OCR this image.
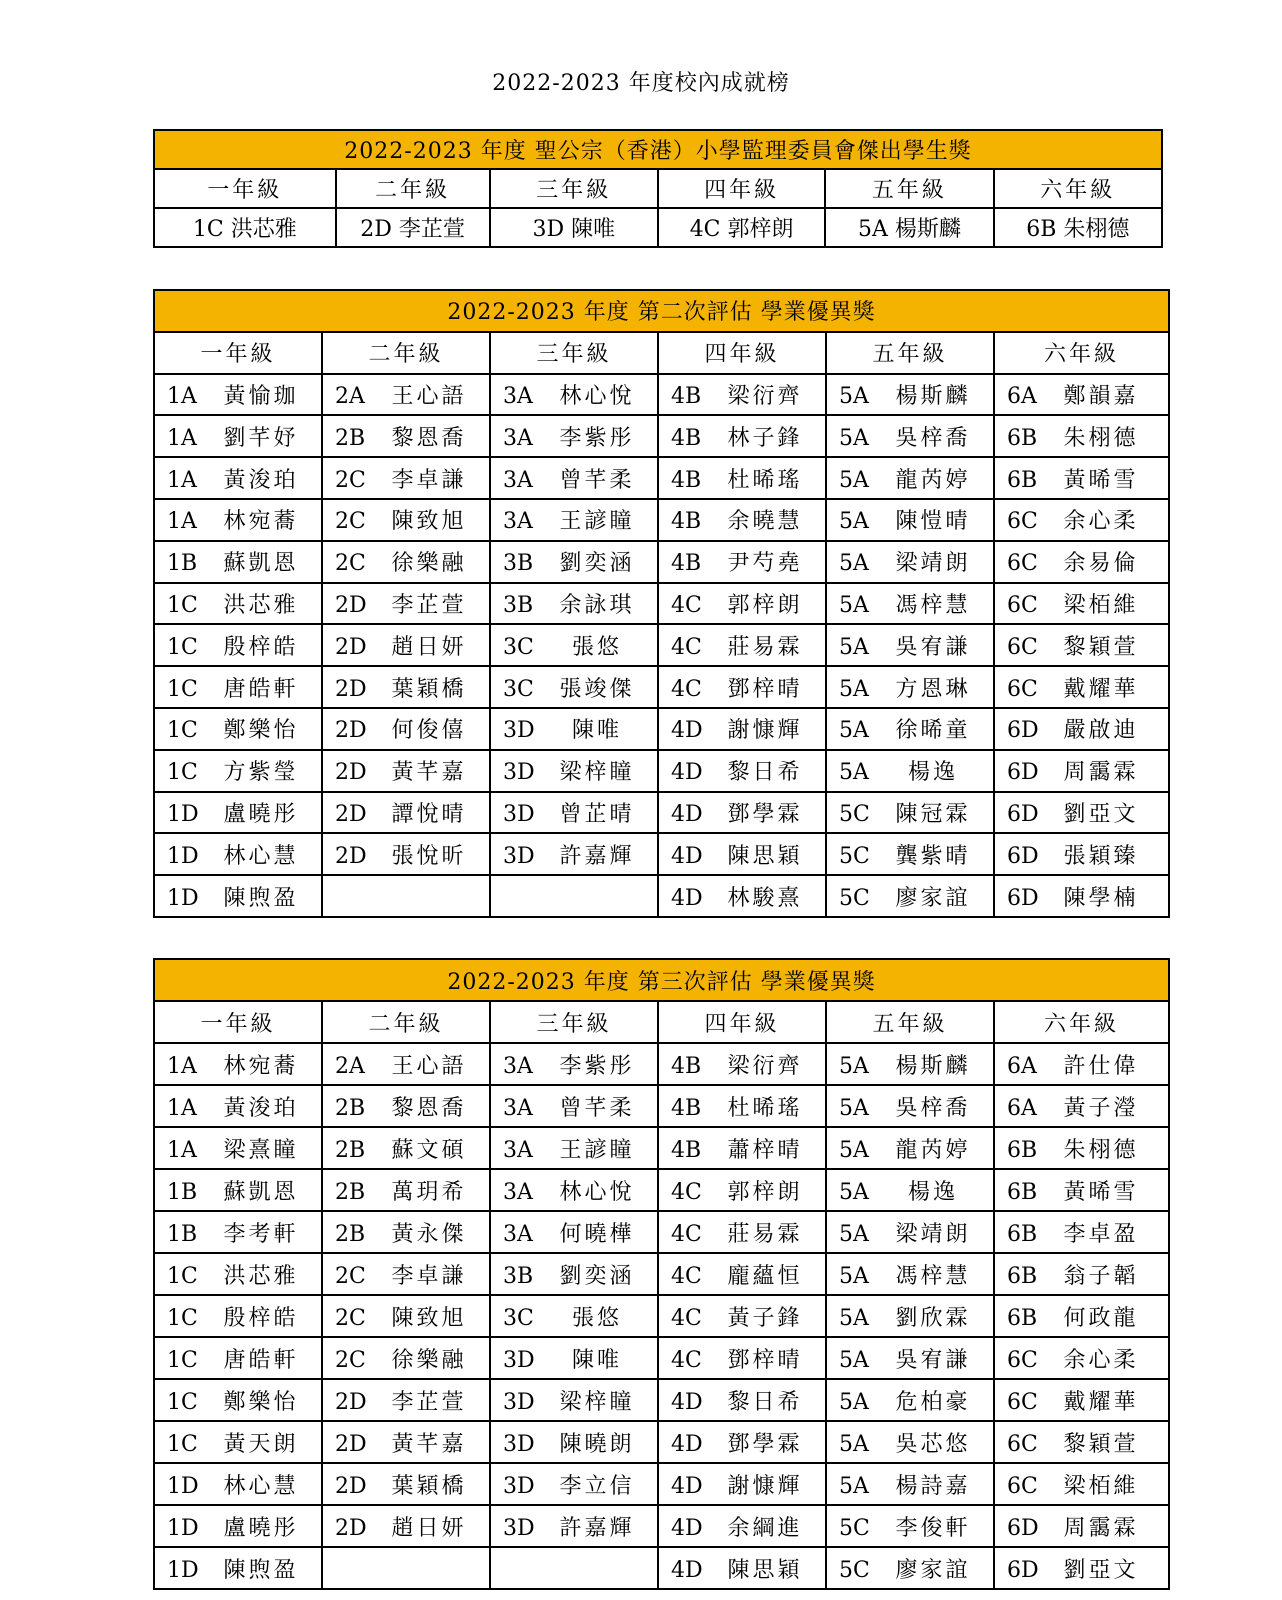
2022-2023 年度校內成就榜
2022-2023 年度 聖公宗（香港）小學監理委員會傑出學生獎					
一年級	二年級	三年級	四年級	五年級	六年級
1C 洪芯雅	2D 李芷萱	3D 陳唯	4C 郭梓朗	5A 楊斯麟	6B 朱栩德
2022-2023 年度 第二次評估 學業優異獎					
一年級	二年級	三年級	四年級	五年級	六年級
1A 黃愉珈	2A 王心語	3A 林心悅	4B 梁衍齊	5A 楊斯麟	6A 鄭韻嘉
1A 劉芊妤	2B 黎恩喬	3A 李紫彤	4B 林子鋒	5A 吳梓喬	6B 朱栩德
1A 黃浚珀	2C 李卓謙	3A 曾芊柔	4B 杜晞瑤	5A 龍芮婷	6B 黃晞雪
1A 林宛蕎	2C 陳致旭	3A 王諺瞳	4B 余曉慧	5A 陳愷晴	6C 余心柔
1B 蘇凱恩	2C 徐樂融	3B 劉奕涵	4B 尹芍堯	5A 梁靖朗	6C 余易倫
1C 洪芯雅	2D 李芷萱	3B 余詠琪	4C 郭梓朗	5A 馮梓慧	6C 梁栢維
1C 殷梓皓	2D 趙日妍	3C 張悠	4C 莊易霖	5A 吳宥謙	6C 黎穎萱
1C 唐皓軒	2D 葉穎橋	3C 張竣傑	4C 鄧梓晴	5A 方恩琳	6C 戴耀華
1C 鄭樂怡	2D 何俊僖	3D 陳唯	4D 謝慷輝	5A 徐晞童	6D 嚴啟迪
1C 方紫瑩	2D 黃芊嘉	3D 梁梓瞳	4D 黎日希	5A 楊逸	6D 周靄霖
1D 盧曉彤	2D 譚悅晴	3D 曾芷晴	4D 鄧學霖	5C 陳冠霖	6D 劉亞文
1D 林心慧	2D 張悅昕	3D 許嘉輝	4D 陳思穎	5C 龔紫晴	6D 張穎臻
1D 陳煦盈			4D 林駿熹	5C 廖家誼	6D 陳學楠
2022-2023 年度 第三次評估 學業優異獎					
一年級	二年級	三年級	四年級	五年級	六年級
1A 林宛蕎	2A 王心語	3A 李紫彤	4B 梁衍齊	5A 楊斯麟	6A 許仕偉
1A 黃浚珀	2B 黎恩喬	3A 曾芊柔	4B 杜晞瑤	5A 吳梓喬	6A 黃子瀅
1A 梁熹瞳	2B 蘇文碩	3A 王諺瞳	4B 蕭梓晴	5A 龍芮婷	6B 朱栩德
1B 蘇凱恩	2B 萬玥希	3A 林心悅	4C 郭梓朗	5A 楊逸	6B 黃晞雪
1B 李考軒	2B 黃永傑	3A 何曉樺	4C 莊易霖	5A 梁靖朗	6B 李卓盈
1C 洪芯雅	2C 李卓謙	3B 劉奕涵	4C 龐蘊恒	5A 馮梓慧	6B 翁子韜
1C 殷梓皓	2C 陳致旭	3C 張悠	4C 黃子鋒	5A 劉欣霖	6B 何政龍
1C 唐皓軒	2C 徐樂融	3D 陳唯	4C 鄧梓晴	5A 吳宥謙	6C 余心柔
1C 鄭樂怡	2D 李芷萱	3D 梁梓瞳	4D 黎日希	5A 危柏豪	6C 戴耀華
1C 黃天朗	2D 黃芊嘉	3D 陳曉朗	4D 鄧學霖	5A 吳芯悠	6C 黎穎萱
1D 林心慧	2D 葉穎橋	3D 李立信	4D 謝慷輝	5A 楊詩嘉	6C 梁栢維
1D 盧曉彤	2D 趙日妍	3D 許嘉輝	4D 余綱進	5C 李俊軒	6D 周靄霖
1D 陳煦盈			4D 陳思穎	5C 廖家誼	6D 劉亞文
